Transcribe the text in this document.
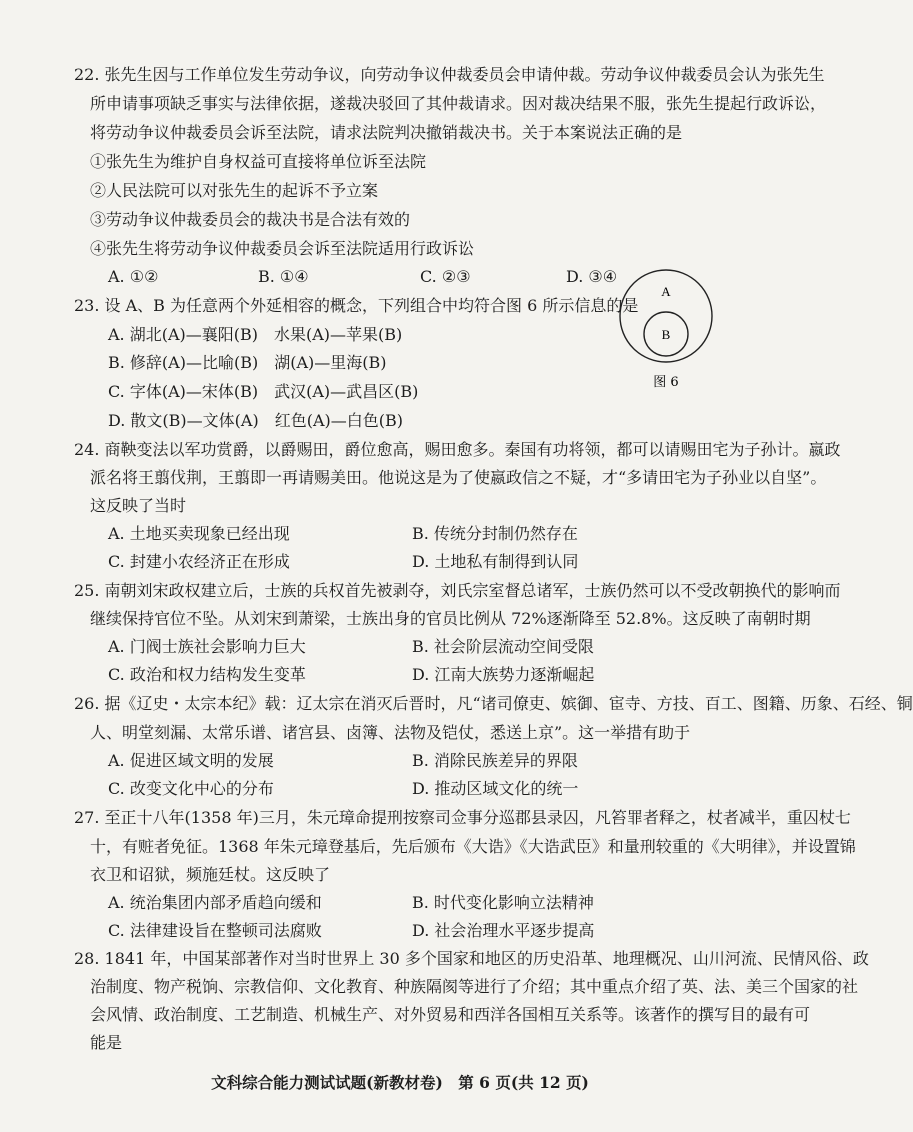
22. 张先生因与工作单位发生劳动争议，向劳动争议仲裁委员会申请仲裁。劳动争议仲裁委员会认为张先生
所申请事项缺乏事实与法律依据，遂裁决驳回了其仲裁请求。因对裁决结果不服，张先生提起行政诉讼，
将劳动争议仲裁委员会诉至法院，请求法院判决撤销裁决书。关于本案说法正确的是
①张先生为维护自身权益可直接将单位诉至法院
②人民法院可以对张先生的起诉不予立案
③劳动争议仲裁委员会的裁决书是合法有效的
④张先生将劳动争议仲裁委员会诉至法院适用行政诉讼
A. ①②	B. ①④	C. ②③	D. ③④
23. 设 A、B 为任意两个外延相容的概念，下列组合中均符合图 6 所示信息的是
A. 湖北(A)—襄阳(B)　水果(A)—苹果(B)
B. 修辞(A)—比喻(B)　湖(A)—里海(B)
C. 字体(A)—宋体(B)　武汉(A)—武昌区(B)
D. 散文(B)—文体(A)　红色(A)—白色(B)
A
B
图 6
24. 商鞅变法以军功赏爵，以爵赐田，爵位愈高，赐田愈多。秦国有功将领，都可以请赐田宅为子孙计。嬴政
派名将王翦伐荆，王翦即一再请赐美田。他说这是为了使嬴政信之不疑，才“多请田宅为子孙业以自坚”。
这反映了当时
A. 土地买卖现象已经出现	B. 传统分封制仍然存在
C. 封建小农经济正在形成	D. 土地私有制得到认同
25. 南朝刘宋政权建立后，士族的兵权首先被剥夺，刘氏宗室督总诸军，士族仍然可以不受改朝换代的影响而
继续保持官位不坠。从刘宋到萧梁，士族出身的官员比例从 72%逐渐降至 52.8%。这反映了南朝时期
A. 门阀士族社会影响力巨大	B. 社会阶层流动空间受限
C. 政治和权力结构发生变革	D. 江南大族势力逐渐崛起
26. 据《辽史・太宗本纪》载：辽太宗在消灭后晋时，凡“诸司僚吏、嫔御、宦寺、方技、百工、图籍、历象、石经、铜
人、明堂刻漏、太常乐谱、诸宫县、卤簿、法物及铠仗，悉送上京”。这一举措有助于
A. 促进区域文明的发展	B. 消除民族差异的界限
C. 改变文化中心的分布	D. 推动区域文化的统一
27. 至正十八年(1358 年)三月，朱元璋命提刑按察司佥事分巡郡县录囚，凡笞罪者释之，杖者减半，重囚杖七
十，有赃者免征。1368 年朱元璋登基后，先后颁布《大诰》《大诰武臣》和量刑较重的《大明律》，并设置锦
衣卫和诏狱，频施廷杖。这反映了
A. 统治集团内部矛盾趋向缓和	B. 时代变化影响立法精神
C. 法律建设旨在整顿司法腐败	D. 社会治理水平逐步提高
28. 1841 年，中国某部著作对当时世界上 30 多个国家和地区的历史沿革、地理概况、山川河流、民情风俗、政
治制度、物产税饷、宗教信仰、文化教育、种族隔阂等进行了介绍；其中重点介绍了英、法、美三个国家的社
会风情、政治制度、工艺制造、机械生产、对外贸易和西洋各国相互关系等。该著作的撰写目的最有可
能是
文科综合能力测试试题(新教材卷)　第 6 页(共 12 页)
